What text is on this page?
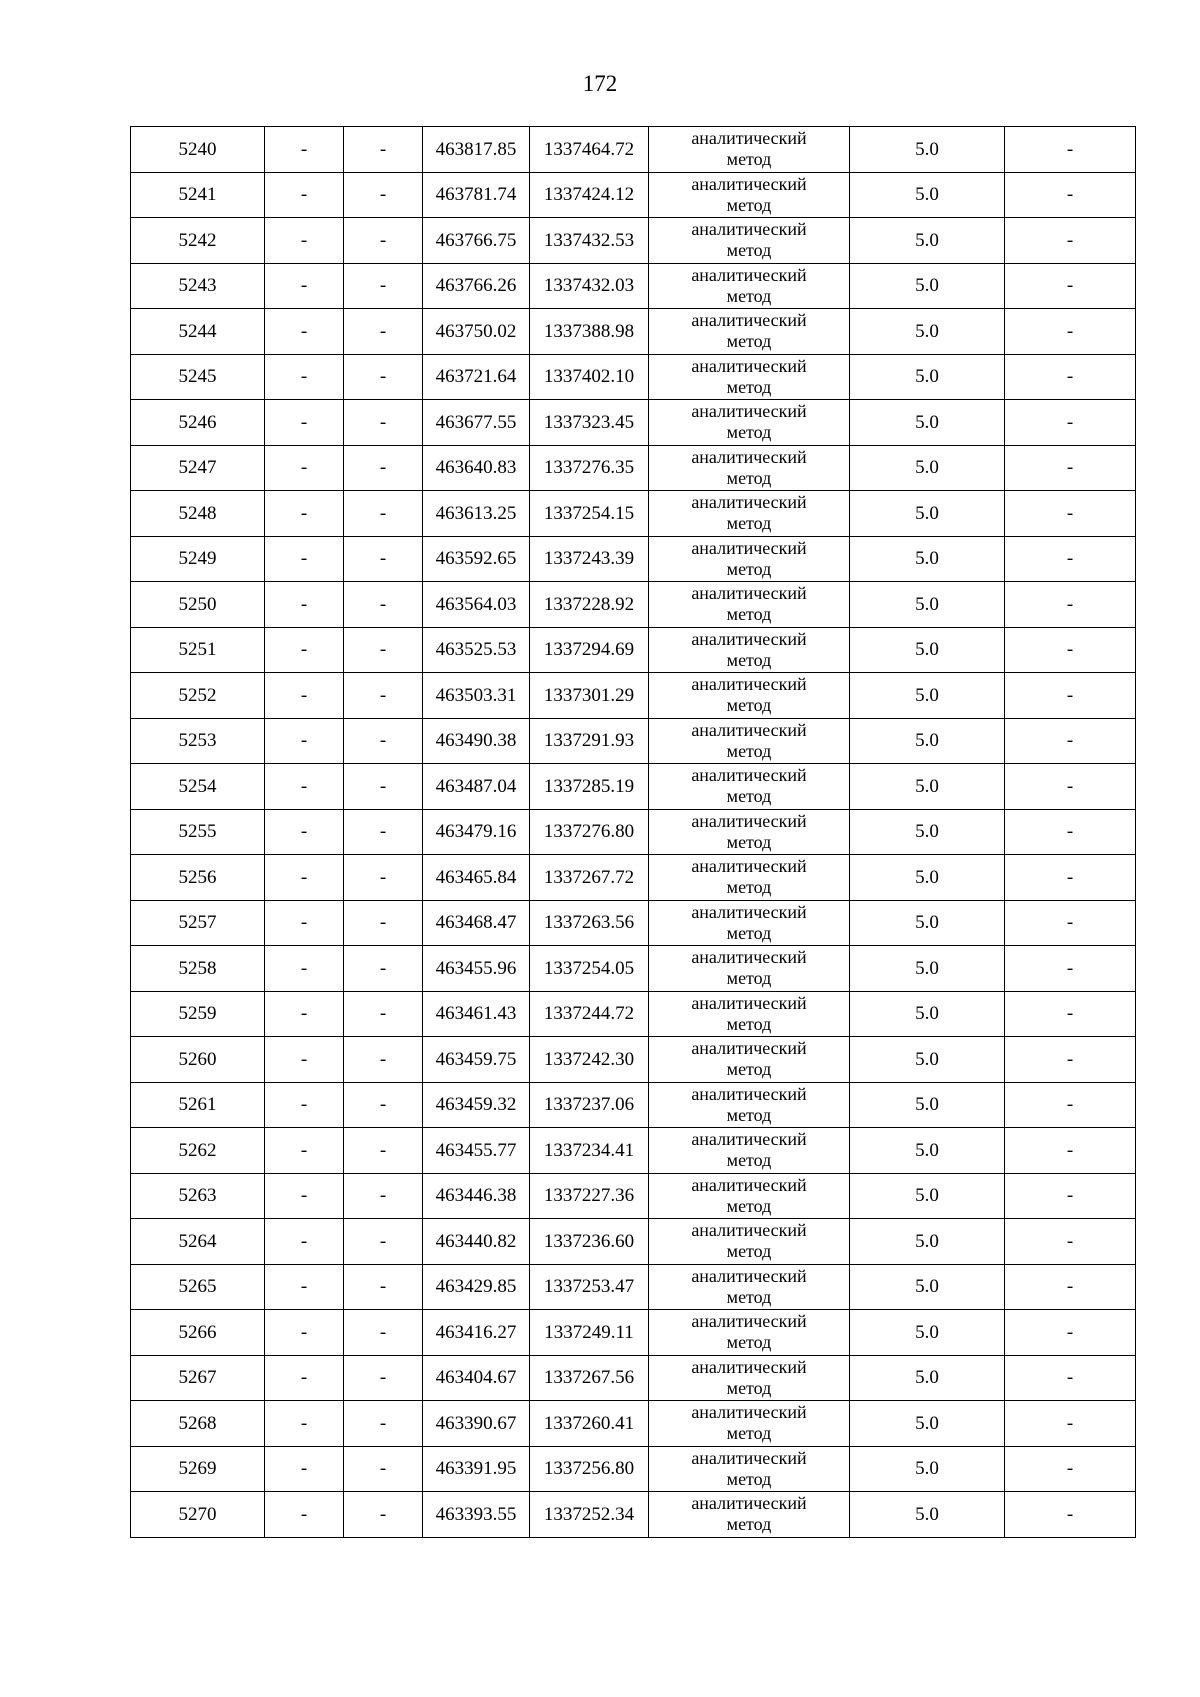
172
5240	-	-	463817.85	1337464.72	аналитический
метод	5.0	-
5241	-	-	463781.74	1337424.12	аналитический
метод	5.0	-
5242	-	-	463766.75	1337432.53	аналитический
метод	5.0	-
5243	-	-	463766.26	1337432.03	аналитический
метод	5.0	-
5244	-	-	463750.02	1337388.98	аналитический
метод	5.0	-
5245	-	-	463721.64	1337402.10	аналитический
метод	5.0	-
5246	-	-	463677.55	1337323.45	аналитический
метод	5.0	-
5247	-	-	463640.83	1337276.35	аналитический
метод	5.0	-
5248	-	-	463613.25	1337254.15	аналитический
метод	5.0	-
5249	-	-	463592.65	1337243.39	аналитический
метод	5.0	-
5250	-	-	463564.03	1337228.92	аналитический
метод	5.0	-
5251	-	-	463525.53	1337294.69	аналитический
метод	5.0	-
5252	-	-	463503.31	1337301.29	аналитический
метод	5.0	-
5253	-	-	463490.38	1337291.93	аналитический
метод	5.0	-
5254	-	-	463487.04	1337285.19	аналитический
метод	5.0	-
5255	-	-	463479.16	1337276.80	аналитический
метод	5.0	-
5256	-	-	463465.84	1337267.72	аналитический
метод	5.0	-
5257	-	-	463468.47	1337263.56	аналитический
метод	5.0	-
5258	-	-	463455.96	1337254.05	аналитический
метод	5.0	-
5259	-	-	463461.43	1337244.72	аналитический
метод	5.0	-
5260	-	-	463459.75	1337242.30	аналитический
метод	5.0	-
5261	-	-	463459.32	1337237.06	аналитический
метод	5.0	-
5262	-	-	463455.77	1337234.41	аналитический
метод	5.0	-
5263	-	-	463446.38	1337227.36	аналитический
метод	5.0	-
5264	-	-	463440.82	1337236.60	аналитический
метод	5.0	-
5265	-	-	463429.85	1337253.47	аналитический
метод	5.0	-
5266	-	-	463416.27	1337249.11	аналитический
метод	5.0	-
5267	-	-	463404.67	1337267.56	аналитический
метод	5.0	-
5268	-	-	463390.67	1337260.41	аналитический
метод	5.0	-
5269	-	-	463391.95	1337256.80	аналитический
метод	5.0	-
5270	-	-	463393.55	1337252.34	аналитический
метод	5.0	-
